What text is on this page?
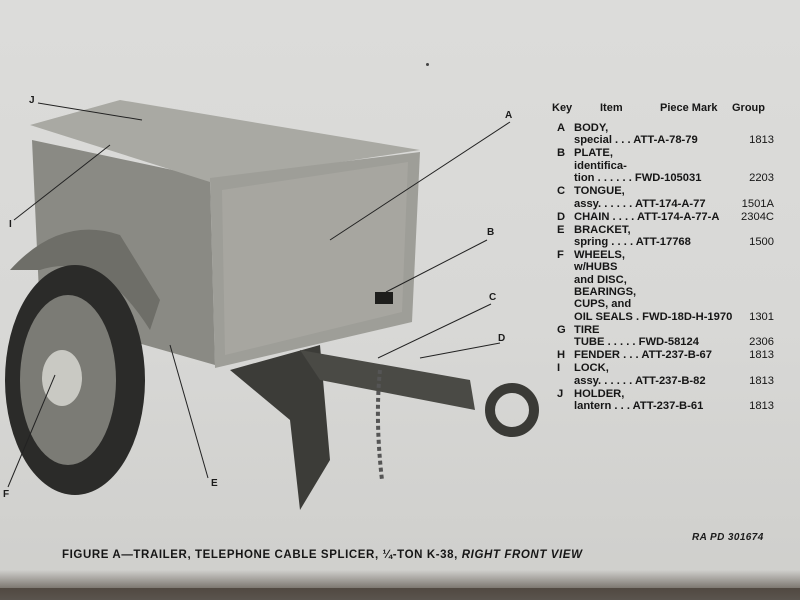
A
B
C
D
E
F
I
J
Key	Item	Piece Mark Group
A BODY,
special . . . ATT-A-78-79	1813
B PLATE,
identifica-
tion . . . . . . FWD-105031	2203
C TONGUE,
assy. . . . . . ATT-174-A-77	1501A
D CHAIN . . . . ATT-174-A-77-A 2304C
E BRACKET,
spring . . . . ATT-17768	1500
F WHEELS,
w/HUBS
and DISC,
BEARINGS,
CUPS, and
OIL SEALS . FWD-18D-H-1970 1301
G TIRE
TUBE . . . . . FWD-58124	2306
H FENDER . . . ATT-237-B-67	1813
I LOCK,
assy. . . . . . ATT-237-B-82	1813
J HOLDER,
lantern . . . ATT-237-B-61	1813
RA PD 301674
FIGURE A—TRAILER, TELEPHONE CABLE SPLICER, ¼-TON K-38, RIGHT FRONT VIEW
